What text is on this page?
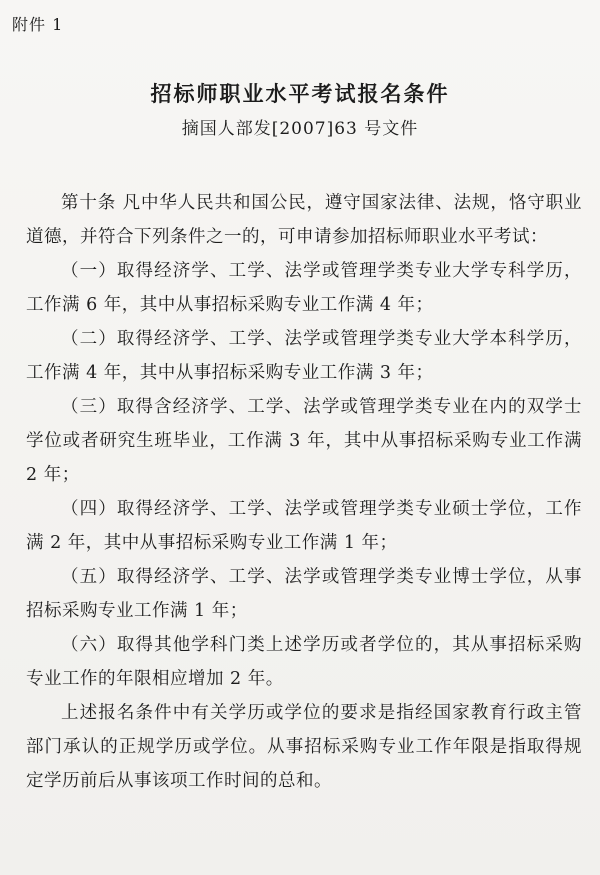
附件 1
招标师职业水平考试报名条件
摘国人部发[2007]63 号文件

第十条 凡中华人民共和国公民，遵守国家法律、法规，恪守职业道德，并符合下列条件之一的，可申请参加招标师职业水平考试：

（一）取得经济学、工学、法学或管理学类专业大学专科学历，工作满 6 年，其中从事招标采购专业工作满 4 年；

（二）取得经济学、工学、法学或管理学类专业大学本科学历，工作满 4 年，其中从事招标采购专业工作满 3 年；

（三）取得含经济学、工学、法学或管理学类专业在内的双学士学位或者研究生班毕业，工作满 3 年，其中从事招标采购专业工作满 2 年；

（四）取得经济学、工学、法学或管理学类专业硕士学位，工作满 2 年，其中从事招标采购专业工作满 1 年；

（五）取得经济学、工学、法学或管理学类专业博士学位，从事招标采购专业工作满 1 年；

（六）取得其他学科门类上述学历或者学位的，其从事招标采购专业工作的年限相应增加 2 年。

上述报名条件中有关学历或学位的要求是指经国家教育行政主管部门承认的正规学历或学位。从事招标采购专业工作年限是指取得规定学历前后从事该项工作时间的总和。
